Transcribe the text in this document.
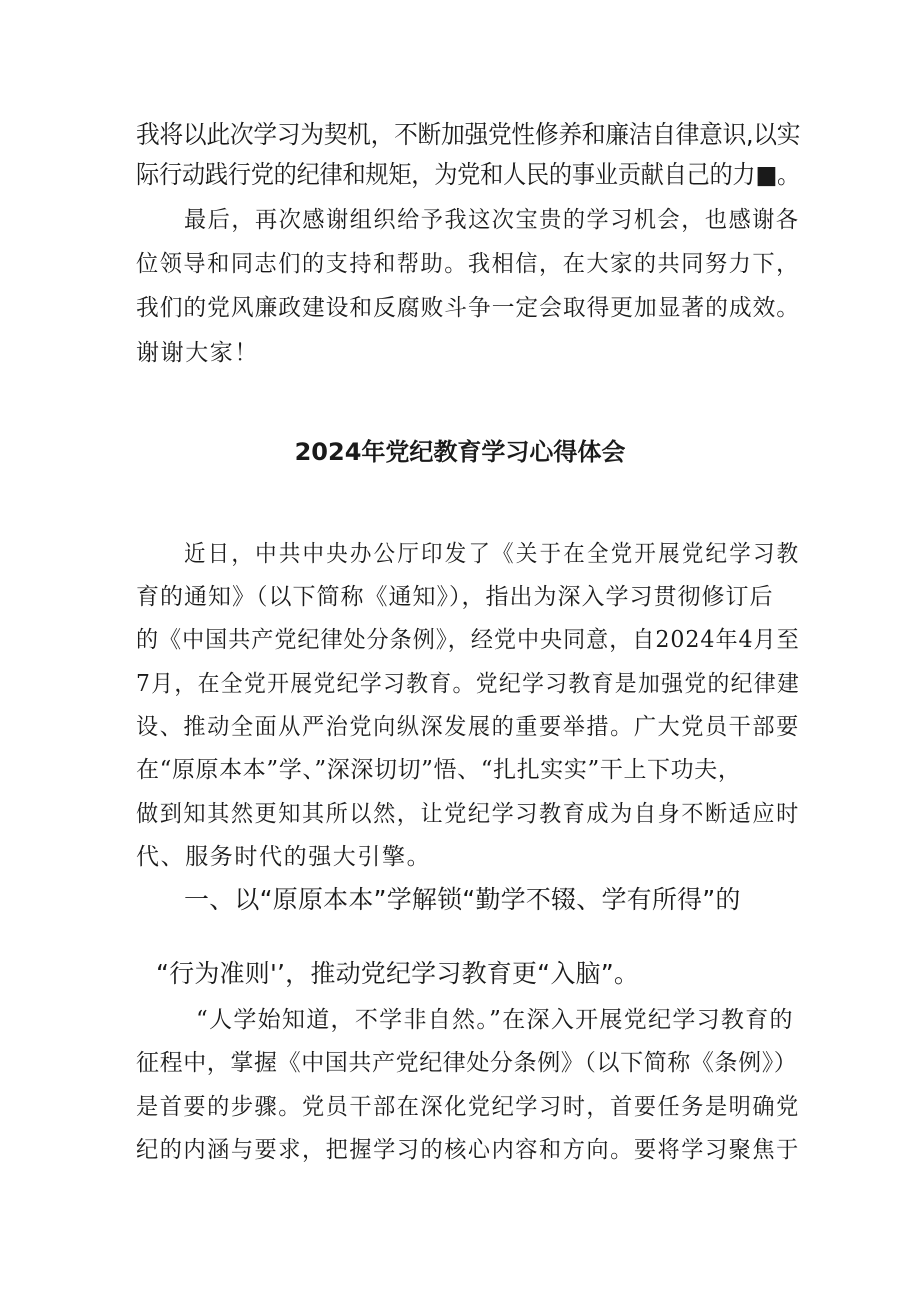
我将以此次学习为契机，不断加强党性修养和廉洁自律意识,以实
际行动践行党的纪律和规矩，为党和人民的事业贡献自己的力■。
最后，再次感谢组织给予我这次宝贵的学习机会，也感谢各
位领导和同志们的支持和帮助。我相信，在大家的共同努力下，
我们的党风廉政建设和反腐败斗争一定会取得更加显著的成效。
谢谢大家！
2024年党纪教育学习心得体会
近日，中共中央办公厅印发了《关于在全党开展党纪学习教
育的通知》（以下简称《通知》），指出为深入学习贯彻修订后
的《中国共产党纪律处分条例》，经党中央同意，自2024年4月至
7月，在全党开展党纪学习教育。党纪学习教育是加强党的纪律建
设、推动全面从严治党向纵深发展的重要举措。广大党员干部要
在“原原本本”学、”深深切切”悟、“扎扎实实”干上下功夫，
做到知其然更知其所以然，让党纪学习教育成为自身不断适应时
代、服务时代的强大引擎。
一、以“原原本本”学解锁“勤学不辍、学有所得”的
“行为准则'’，推动党纪学习教育更“入脑”。
“人学始知道，不学非自然。”在深入开展党纪学习教育的
征程中，掌握《中国共产党纪律处分条例》（以下简称《条例》）
是首要的步骤。党员干部在深化党纪学习时，首要任务是明确党
纪的内涵与要求，把握学习的核心内容和方向。要将学习聚焦于
